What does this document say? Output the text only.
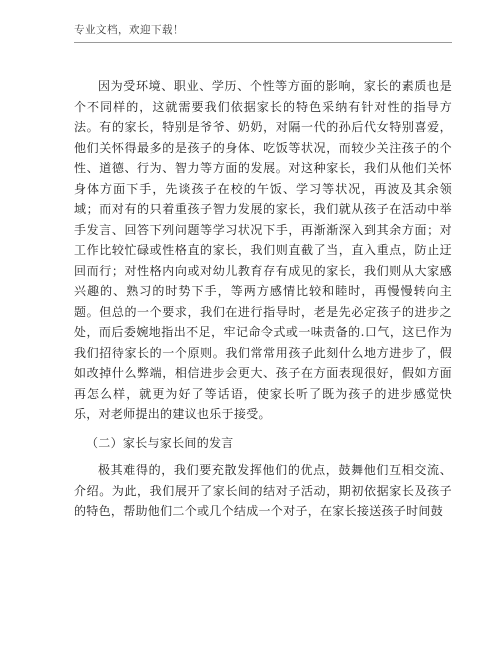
专业文档，欢迎下载！

因为受环境、职业、学历、个性等方面的影响，家长的素质也是个不同样的，这就需要我们依据家长的特色采纳有针对性的指导方法。有的家长，特别是爷爷、奶奶，对隔一代的孙后代女特别喜爱，他们关怀得最多的是孩子的身体、吃饭等状况，而较少关注孩子的个性、道德、行为、智力等方面的发展。对这种家长，我们从他们关怀身体方面下手，先谈孩子在校的午饭、学习等状况，再波及其余领域；而对有的只着重孩子智力发展的家长，我们就从孩子在活动中举手发言、回答下列问题等学习状况下手，再渐渐深入到其余方面；对工作比较忙碌或性格直的家长，我们则直截了当，直入重点，防止迂回而行；对性格内向或对幼儿教育存有成见的家长，我们则从大家感兴趣的、熟习的时势下手，等两方感情比较和睦时，再慢慢转向主题。但总的一个要求，我们在进行指导时，老是先必定孩子的进步之处，而后委婉地指出不足，牢记命令式或一味责备的.口气，这已作为我们招待家长的一个原则。我们常常用孩子此刻什么地方进步了，假如改掉什么弊端，相信进步会更大、孩子在方面表现很好，假如方面再怎么样，就更为好了等话语，使家长听了既为孩子的进步感觉快乐，对老师提出的建议也乐于接受。

（二）家长与家长间的发言

极其难得的，我们要充散发挥他们的优点，鼓舞他们互相交流、介绍。为此，我们展开了家长间的结对子活动，期初依据家长及孩子的特色，帮助他们二个或几个结成一个对子，在家长接送孩子时间鼓
